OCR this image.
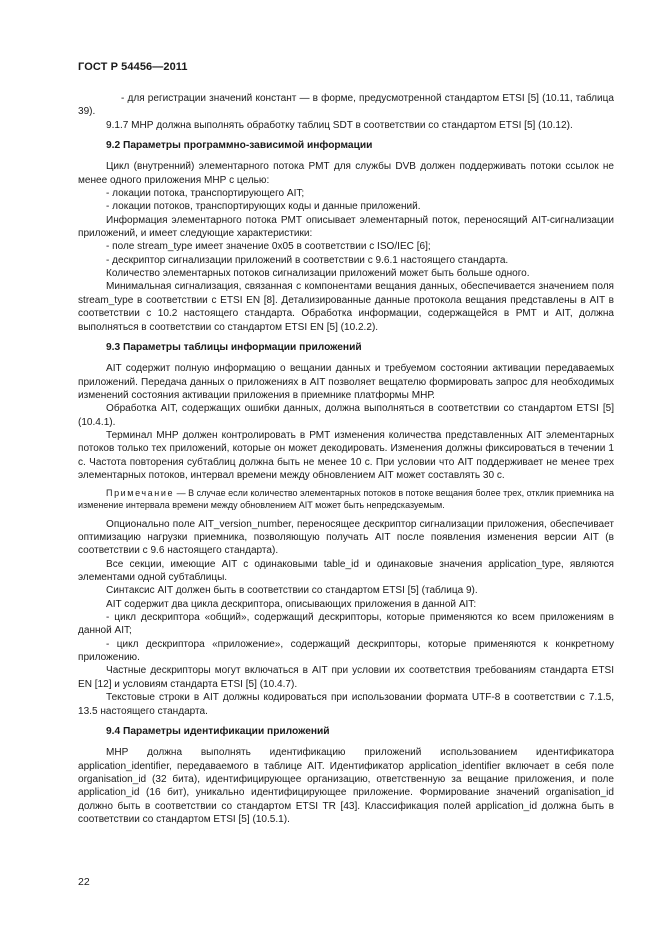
ГОСТ Р 54456—2011

- для регистрации значений констант — в форме, предусмотренной стандартом ETSI [5] (10.11, таблица 39).

9.1.7 МНР должна выполнять обработку таблиц SDT в соответствии со стандартом ETSI [5] (10.12).

9.2 Параметры программно-зависимой информации

Цикл (внутренний) элементарного потока РМТ для службы DVB должен поддерживать потоки ссылок не менее одного приложения МНР с целью:

- локации потока, транспортирующего AIT;

- локации потоков, транспортирующих коды и данные приложений.

Информация элементарного потока РМТ описывает элементарный поток, переносящий AIT-сигнализации приложений, и имеет следующие характеристики:

- поле stream_type имеет значение 0x05 в соответствии с ISO/IEC [6];

- дескриптор сигнализации приложений в соответствии с 9.6.1 настоящего стандарта.

Количество элементарных потоков сигнализации приложений может быть больше одного.

Минимальная сигнализация, связанная с компонентами вещания данных, обеспечивается значением поля stream_type в соответствии с ETSI EN [8]. Детализированные данные протокола вещания представлены в AIT в соответствии с 10.2 настоящего стандарта. Обработка информации, содержащейся в РМТ и AIT, должна выполняться в соответствии со стандартом ETSI EN [5] (10.2.2).

9.3 Параметры таблицы информации приложений

AIT содержит полную информацию о вещании данных и требуемом состоянии активации передаваемых приложений. Передача данных о приложениях в AIT позволяет вещателю формировать запрос для необходимых изменений состояния активации приложения в приемнике платформы МНР.

Обработка AIT, содержащих ошибки данных, должна выполняться в соответствии со стандартом ETSI [5] (10.4.1).

Терминал МНР должен контролировать в РМТ изменения количества представленных AIT элементарных потоков только тех приложений, которые он может декодировать. Изменения должны фиксироваться в течении 1 с. Частота повторения субтаблиц должна быть не менее 10 с. При условии что AIT поддерживает не менее трех элементарных потоков, интервал времени между обновлением AIT может составлять 30 с.

Примечание — В случае если количество элементарных потоков в потоке вещания более трех, отклик приемника на изменение интервала времени между обновлением AIT может быть непредсказуемым.

Опционально поле AIT_version_number, переносящее дескриптор сигнализации приложения, обеспечивает оптимизацию нагрузки приемника, позволяющую получать AIT после появления изменения версии AIT (в соответствии с 9.6 настоящего стандарта).

Все секции, имеющие AIT с одинаковыми table_id и одинаковые значения application_type, являются элементами одной субтаблицы.

Синтаксис AIT должен быть в соответствии со стандартом ETSI [5] (таблица 9).

AIT содержит два цикла дескриптора, описывающих приложения в данной AIT:

- цикл дескриптора «общий», содержащий дескрипторы, которые применяются ко всем приложениям в данной AIT;

- цикл дескриптора «приложение», содержащий дескрипторы, которые применяются к конкретному приложению.

Частные дескрипторы могут включаться в AIT при условии их соответствия требованиям стандарта ETSI EN [12] и условиям стандарта ETSI [5] (10.4.7).

Текстовые строки в AIT должны кодироваться при использовании формата UTF-8 в соответствии с 7.1.5, 13.5 настоящего стандарта.

9.4 Параметры идентификации приложений

МНР должна выполнять идентификацию приложений использованием идентификатора application_identifier, передаваемого в таблице AIT. Идентификатор application_identifier включает в себя поле organisation_id (32 бита), идентифицирующее организацию, ответственную за вещание приложения, и поле application_id (16 бит), уникально идентифицирующее приложение. Формирование значений organisation_id должно быть в соответствии со стандартом ETSI TR [43]. Классификация полей application_id должна быть в соответствии со стандартом ETSI [5] (10.5.1).

22
